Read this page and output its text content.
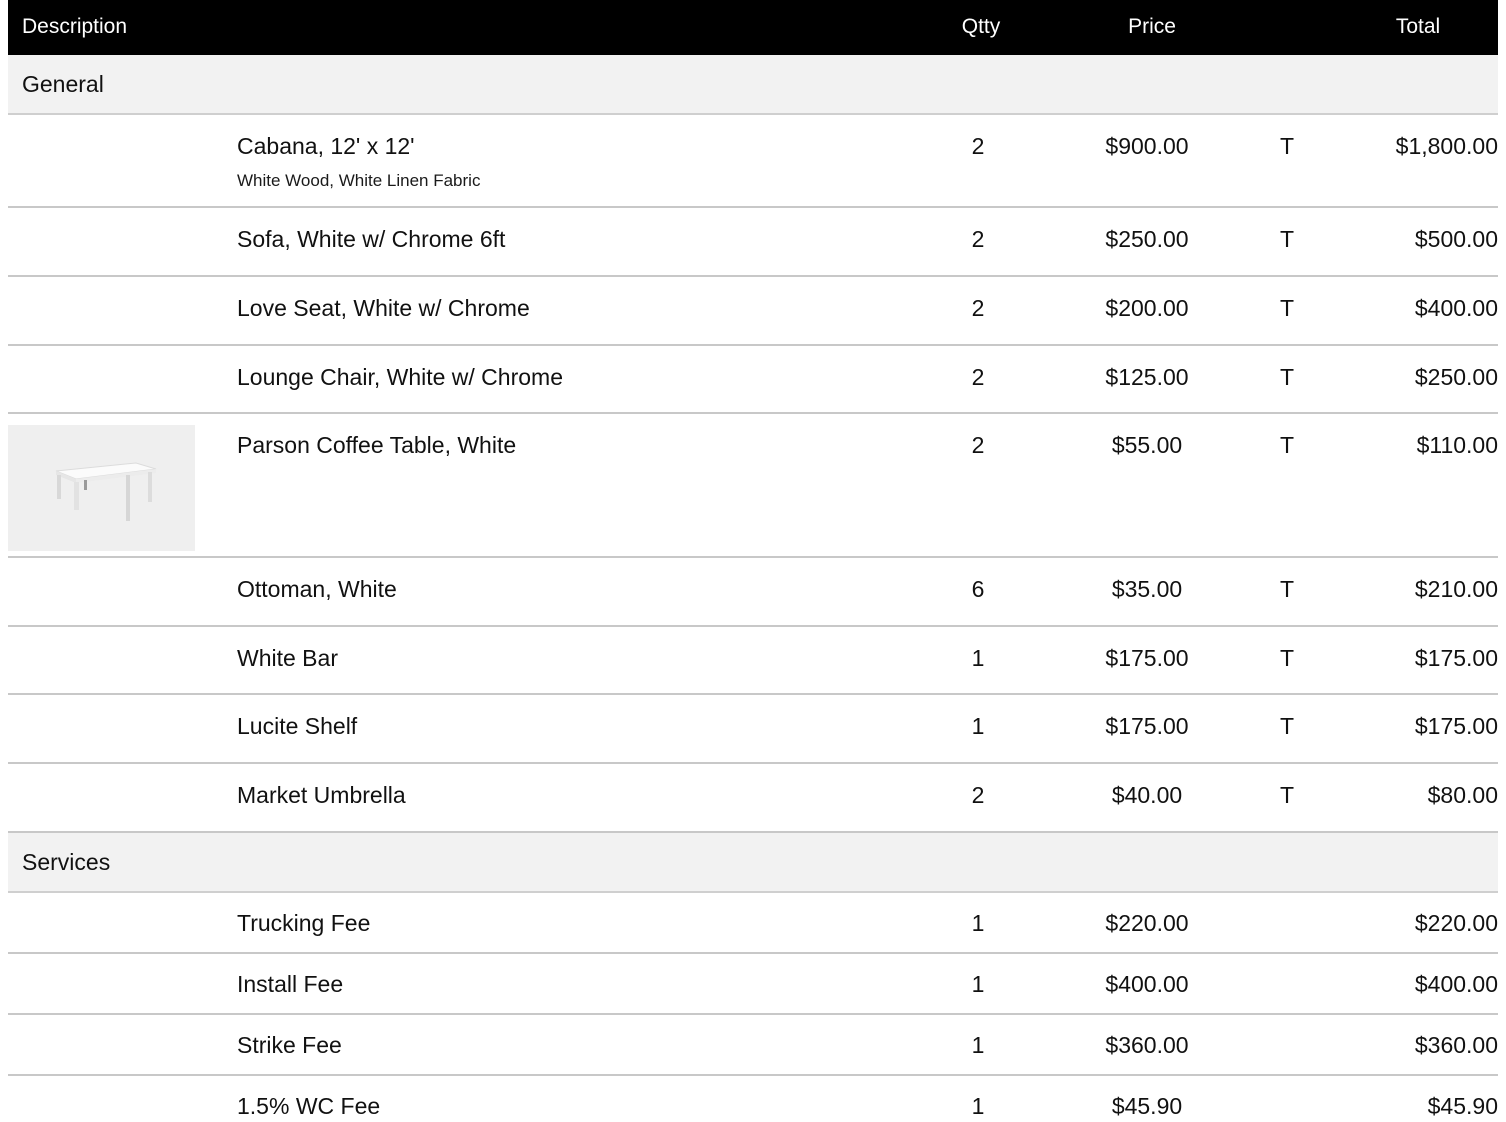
Description	Qtty	Price	Total
General
Cabana, 12' x 12'
White Wood, White Linen Fabric
2	$900.00	T	$1,800.00
Sofa, White w/ Chrome 6ft	2	$250.00	T	$500.00
Love Seat, White w/ Chrome	2	$200.00	T	$400.00
Lounge Chair, White w/ Chrome	2	$125.00	T	$250.00
Parson Coffee Table, White	2	$55.00	T	$110.00
Ottoman, White	6	$35.00	T	$210.00
White Bar	1	$175.00	T	$175.00
Lucite Shelf	1	$175.00	T	$175.00
Market Umbrella	2	$40.00	T	$80.00
Services
Trucking Fee	1	$220.00	$220.00
Install Fee	1	$400.00	$400.00
Strike Fee	1	$360.00	$360.00
1.5% WC Fee	1	$45.90	$45.90
